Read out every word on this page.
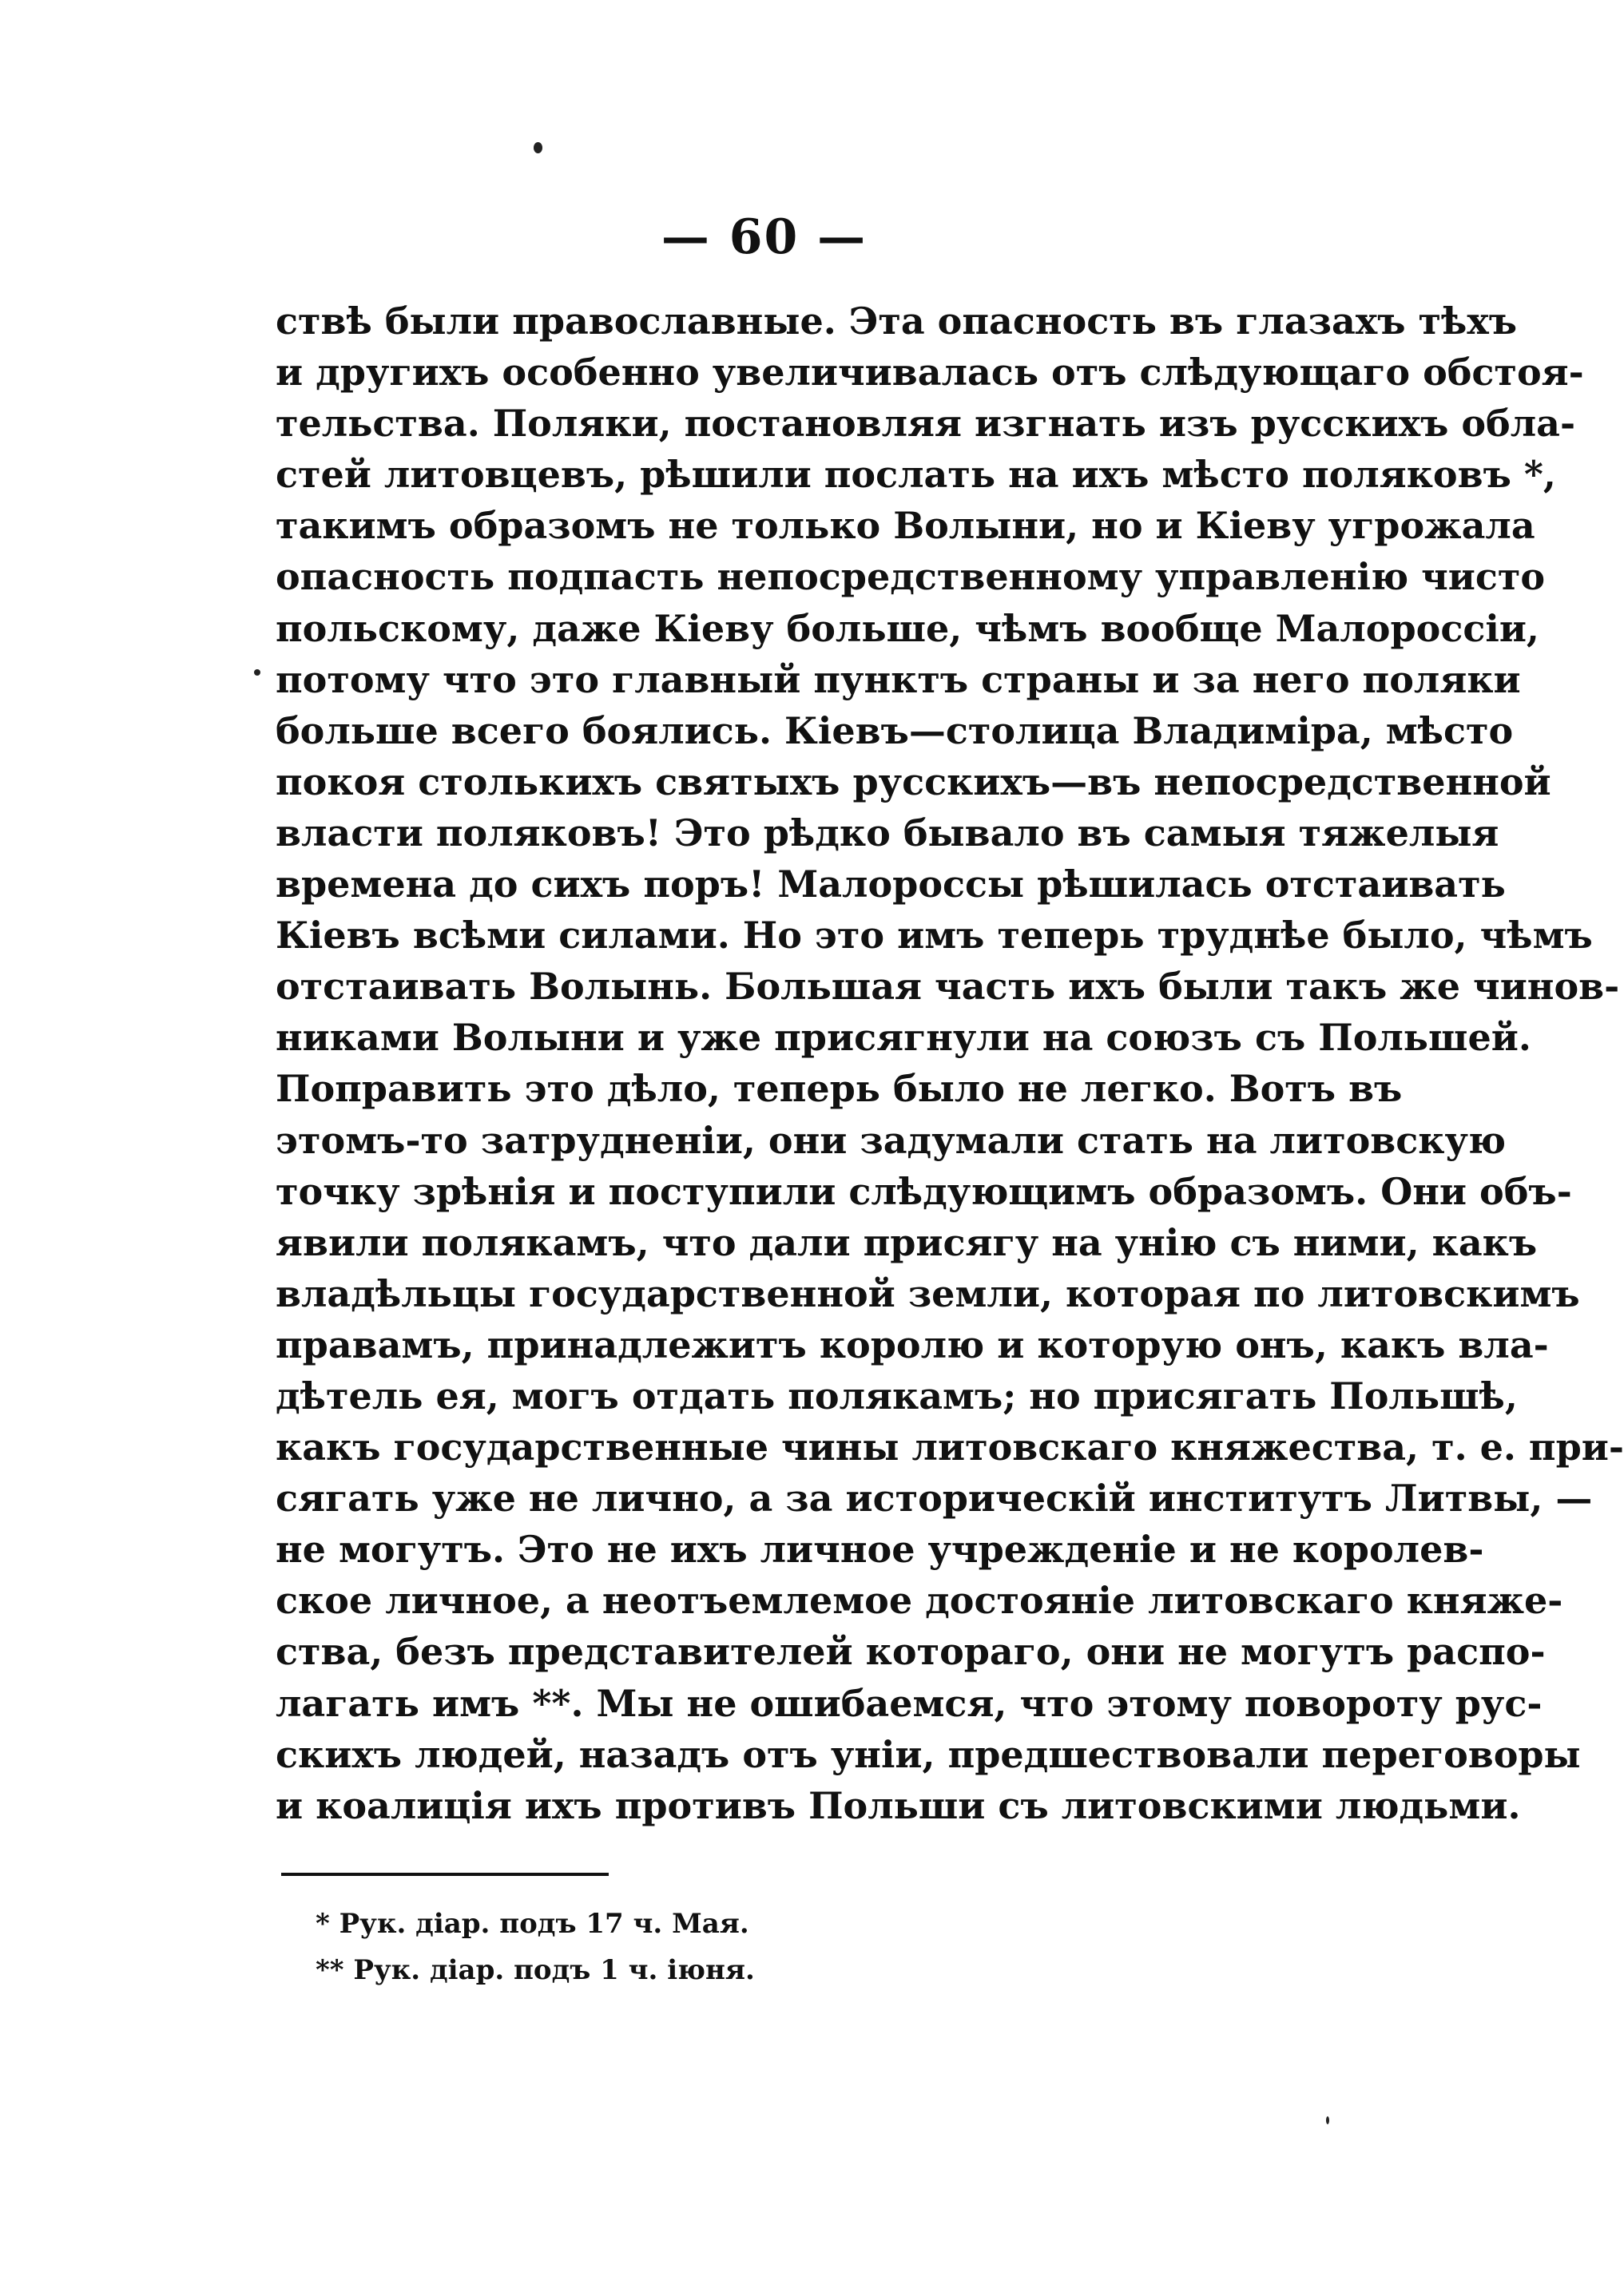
— 60 —
ствѣ были православные. Эта опасность въ глазахъ тѣхъ
и другихъ особенно увеличивалась отъ слѣдующаго обстоя-
тельства. Поляки, постановляя изгнать изъ русскихъ обла-
стей литовцевъ, рѣшили послать на ихъ мѣсто поляковъ *,
такимъ образомъ не только Волыни, но и Кіеву угрожала
опасность подпасть непосредственному управленію чисто
польскому, даже Кіеву больше, чѣмъ вообще Малороссіи,
потому что это главный пунктъ страны и за него поляки
больше всего боялись. Кіевъ—столица Владиміра, мѣсто
покоя столькихъ святыхъ русскихъ—въ непосредственной
власти поляковъ! Это рѣдко бывало въ самыя тяжелыя
времена до сихъ поръ! Малороссы рѣшилась отстаивать
Кіевъ всѣми силами. Но это имъ теперь труднѣе было, чѣмъ
отстаивать Волынь. Большая часть ихъ были такъ же чинов-
никами Волыни и уже присягнули на союзъ съ Польшей.
Поправить это дѣло, теперь было не легко. Вотъ въ
этомъ-то затрудненіи, они задумали стать на литовскую
точку зрѣнія и поступили слѣдующимъ образомъ. Они объ-
явили полякамъ, что дали присягу на унію съ ними, какъ
владѣльцы государственной земли, которая по литовскимъ
правамъ, принадлежитъ королю и которую онъ, какъ вла-
дѣтель ея, могъ отдать полякамъ; но присягать Польшѣ,
какъ государственные чины литовскаго княжества, т. е. при-
сягать уже не лично, а за историческій институтъ Литвы, —
не могутъ. Это не ихъ личное учрежденіе и не королев-
ское личное, а неотъемлемое достояніе литовскаго княже-
ства, безъ представителей котораго, они не могутъ распо-
лагать имъ **. Мы не ошибаемся, что этому повороту рус-
скихъ людей, назадъ отъ уніи, предшествовали переговоры
и коалиція ихъ противъ Польши съ литовскими людьми.
* Рук. діар. подъ 17 ч. Мая.
** Рук. діар. подъ 1 ч. іюня.
